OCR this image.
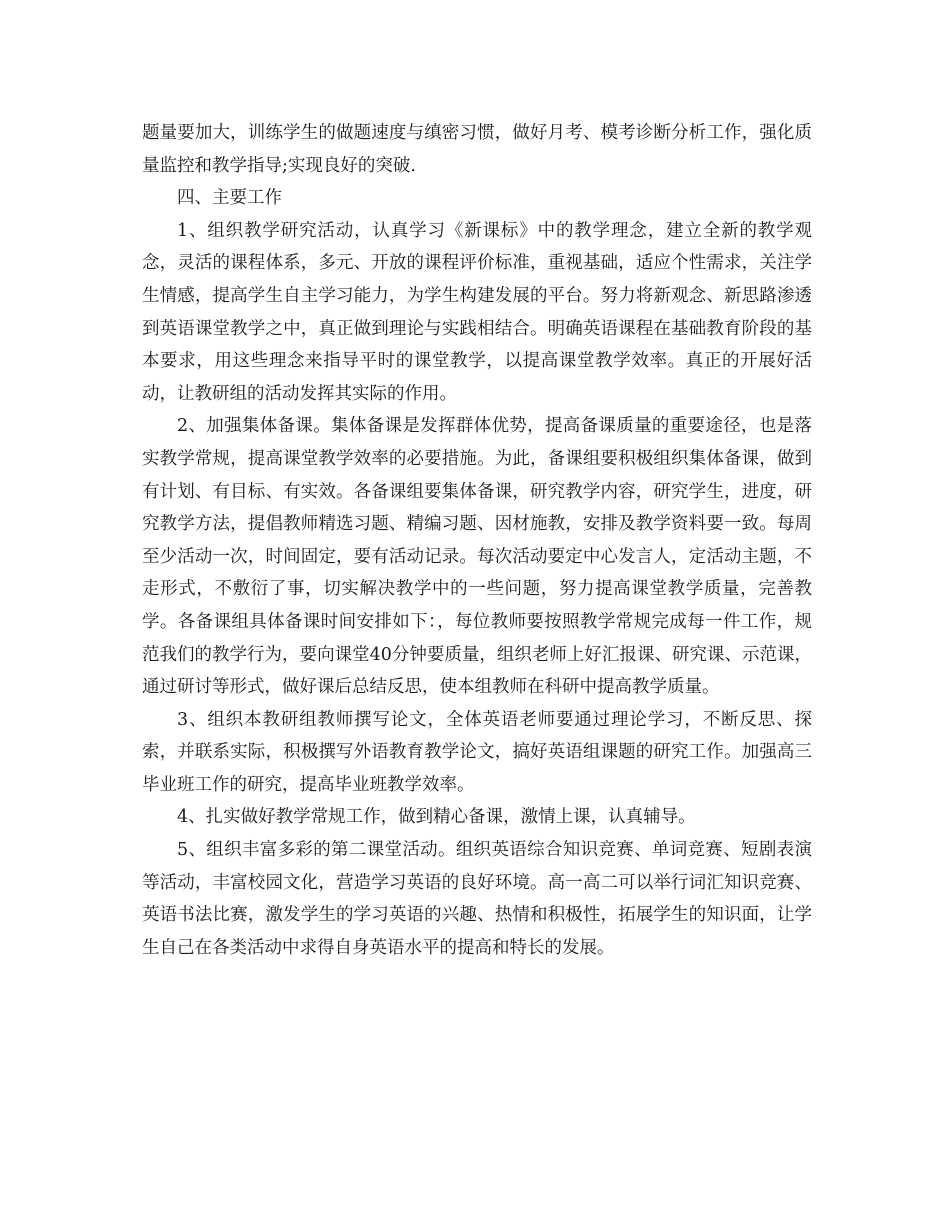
题量要加大，训练学生的做题速度与缜密习惯，做好月考、模考诊断分析工作，强化质量监控和教学指导;实现良好的突破.

四、主要工作

1、组织教学研究活动，认真学习《新课标》中的教学理念，建立全新的教学观念，灵活的课程体系，多元、开放的课程评价标准，重视基础，适应个性需求，关注学生情感，提高学生自主学习能力，为学生构建发展的平台。努力将新观念、新思路渗透到英语课堂教学之中，真正做到理论与实践相结合。明确英语课程在基础教育阶段的基本要求，用这些理念来指导平时的课堂教学，以提高课堂教学效率。真正的开展好活动，让教研组的活动发挥其实际的作用。

2、加强集体备课。集体备课是发挥群体优势，提高备课质量的重要途径，也是落实教学常规，提高课堂教学效率的必要措施。为此，备课组要积极组织集体备课，做到有计划、有目标、有实效。各备课组要集体备课，研究教学内容，研究学生，进度，研究教学方法，提倡教师精选习题、精编习题、因材施教，安排及教学资料要一致。每周至少活动一次，时间固定，要有活动记录。每次活动要定中心发言人，定活动主题，不走形式，不敷衍了事，切实解决教学中的一些问题，努力提高课堂教学质量，完善教学。各备课组具体备课时间安排如下：，每位教师要按照教学常规完成每一件工作，规范我们的教学行为，要向课堂40分钟要质量，组织老师上好汇报课、研究课、示范课，通过研讨等形式，做好课后总结反思，使本组教师在科研中提高教学质量。

3、组织本教研组教师撰写论文，全体英语老师要通过理论学习，不断反思、探索，并联系实际，积极撰写外语教育教学论文，搞好英语组课题的研究工作。加强高三毕业班工作的研究，提高毕业班教学效率。

4、扎实做好教学常规工作，做到精心备课，激情上课，认真辅导。

5、组织丰富多彩的第二课堂活动。组织英语综合知识竞赛、单词竞赛、短剧表演等活动，丰富校园文化，营造学习英语的良好环境。高一高二可以举行词汇知识竞赛、英语书法比赛，激发学生的学习英语的兴趣、热情和积极性，拓展学生的知识面，让学生自己在各类活动中求得自身英语水平的提高和特长的发展。
